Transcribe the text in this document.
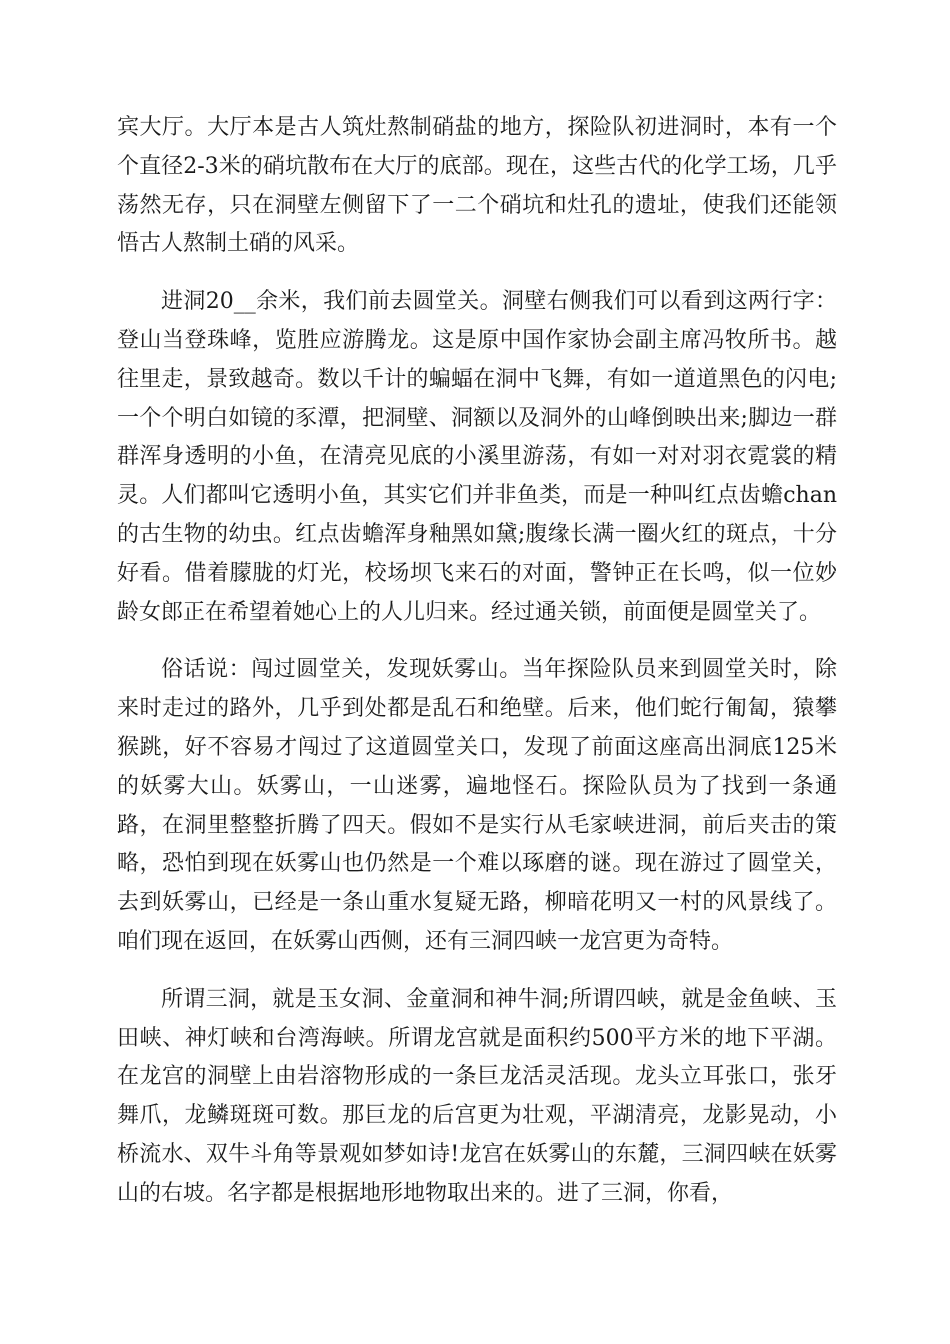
宾大厅。大厅本是古人筑灶熬制硝盐的地方，探险队初进洞时，本有一个个直径2-3米的硝坑散布在大厅的底部。现在，这些古代的化学工场，几乎荡然无存，只在洞壁左侧留下了一二个硝坑和灶孔的遗址，使我们还能领悟古人熬制土硝的风采。

进洞20__余米，我们前去圆堂关。洞壁右侧我们可以看到这两行字：登山当登珠峰，览胜应游腾龙。这是原中国作家协会副主席冯牧所书。越往里走，景致越奇。数以千计的蝙蝠在洞中飞舞，有如一道道黑色的闪电;一个个明白如镜的豕潭，把洞壁、洞额以及洞外的山峰倒映出来;脚边一群群浑身透明的小鱼，在清亮见底的小溪里游荡，有如一对对羽衣霓裳的精灵。人们都叫它透明小鱼，其实它们并非鱼类，而是一种叫红点齿蟾chan的古生物的幼虫。红点齿蟾浑身釉黑如黛;腹缘长满一圈火红的斑点，十分好看。借着朦胧的灯光，校场坝飞来石的对面，警钟正在长鸣，似一位妙龄女郎正在希望着她心上的人儿归来。经过通关锁，前面便是圆堂关了。

俗话说：闯过圆堂关，发现妖雾山。当年探险队员来到圆堂关时，除来时走过的路外，几乎到处都是乱石和绝壁。后来，他们蛇行匍匐，猿攀猴跳，好不容易才闯过了这道圆堂关口，发现了前面这座高出洞底125米的妖雾大山。妖雾山，一山迷雾，遍地怪石。探险队员为了找到一条通路，在洞里整整折腾了四天。假如不是实行从毛家峡进洞，前后夹击的策略，恐怕到现在妖雾山也仍然是一个难以琢磨的谜。现在游过了圆堂关，去到妖雾山，已经是一条山重水复疑无路，柳暗花明又一村的风景线了。咱们现在返回，在妖雾山西侧，还有三洞四峡一龙宫更为奇特。

所谓三洞，就是玉女洞、金童洞和神牛洞;所谓四峡，就是金鱼峡、玉田峡、神灯峡和台湾海峡。所谓龙宫就是面积约500平方米的地下平湖。在龙宫的洞壁上由岩溶物形成的一条巨龙活灵活现。龙头立耳张口，张牙舞爪，龙鳞斑斑可数。那巨龙的后宫更为壮观，平湖清亮，龙影晃动，小桥流水、双牛斗角等景观如梦如诗!龙宫在妖雾山的东麓，三洞四峡在妖雾山的右坡。名字都是根据地形地物取出来的。进了三洞，你看，
